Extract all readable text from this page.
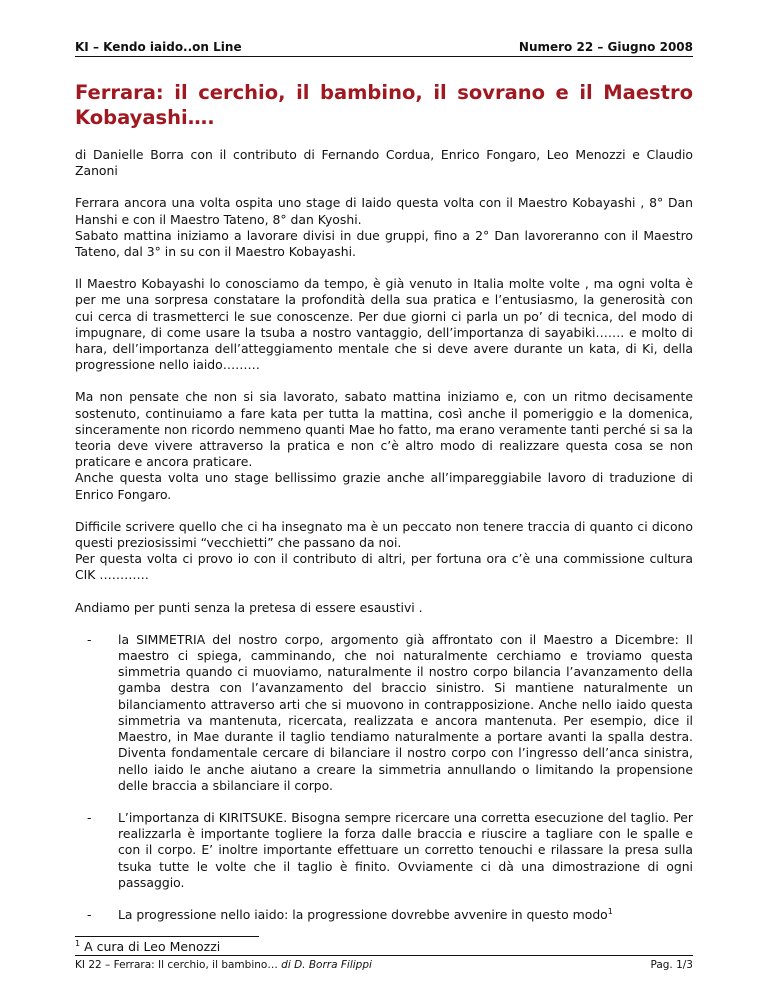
KI – Kendo iaido..on Line	Numero 22 – Giugno 2008
Ferrara: il cerchio, il bambino, il sovrano e il Maestro Kobayashi….

di Danielle Borra con il contributo di Fernando Cordua, Enrico Fongaro, Leo Menozzi e Claudio Zanoni

Ferrara ancora una volta ospita uno stage di Iaido questa volta con il Maestro Kobayashi , 8° Dan Hanshi e con il Maestro Tateno, 8° dan Kyoshi.
Sabato mattina iniziamo a lavorare divisi in due gruppi, fino a 2° Dan lavoreranno con il Maestro Tateno, dal 3° in su con il Maestro Kobayashi.

Il Maestro Kobayashi lo conosciamo da tempo, è già venuto in Italia molte volte , ma ogni volta è per me una sorpresa constatare la profondità della sua pratica e l’entusiasmo, la generosità con cui cerca di trasmetterci le sue conoscenze. Per due giorni ci parla un po’ di tecnica, del modo di impugnare, di come usare la tsuba a nostro vantaggio, dell’importanza di sayabiki……. e molto di hara, dell’importanza dell’atteggiamento mentale che si deve avere durante un kata, di Ki, della progressione nello iaido………

Ma non pensate che non si sia lavorato, sabato mattina iniziamo e, con un ritmo decisamente sostenuto, continuiamo a fare kata per tutta la mattina, così anche il pomeriggio e la domenica, sinceramente non ricordo nemmeno quanti Mae ho fatto, ma erano veramente tanti perché si sa la teoria deve vivere attraverso la pratica e non c’è altro modo di realizzare questa cosa se non praticare e ancora praticare.
Anche questa volta uno stage bellissimo grazie anche all’impareggiabile lavoro di traduzione di Enrico Fongaro.

Difficile scrivere quello che ci ha insegnato ma è un peccato non tenere traccia di quanto ci dicono questi preziosissimi “vecchietti” che passano da noi.
Per questa volta ci provo io con il contributo di altri, per fortuna ora c’è una commissione cultura CIK …………

Andiamo per punti senza la pretesa di essere esaustivi .

- la SIMMETRIA del nostro corpo, argomento già affrontato con il Maestro a Dicembre: Il maestro ci spiega, camminando, che noi naturalmente cerchiamo e troviamo questa simmetria quando ci muoviamo, naturalmente il nostro corpo bilancia l’avanzamento della gamba destra con l’avanzamento del braccio sinistro. Si mantiene naturalmente un bilanciamento attraverso arti che si muovono in contrapposizione. Anche nello iaido questa simmetria va mantenuta, ricercata, realizzata e ancora mantenuta. Per esempio, dice il Maestro, in Mae durante il taglio tendiamo naturalmente a portare avanti la spalla destra. Diventa fondamentale cercare di bilanciare il nostro corpo con l’ingresso dell’anca sinistra, nello iaido le anche aiutano a creare la simmetria annullando o limitando la propensione delle braccia a sbilanciare il corpo.
- L’importanza di KIRITSUKE. Bisogna sempre ricercare una corretta esecuzione del taglio. Per realizzarla è importante togliere la forza dalle braccia e riuscire a tagliare con le spalle e con il corpo. E’ inoltre importante effettuare un corretto tenouchi e rilassare la presa sulla tsuka tutte le volte che il taglio è finito. Ovviamente ci dà una dimostrazione di ogni passaggio.
- La progressione nello iaido: la progressione dovrebbe avvenire in questo modo$^1$
$^1$ A cura di Leo Menozzi
KI 22 – Ferrara: Il cerchio, il bambino… di D. Borra Filippi	Pag. 1/3
